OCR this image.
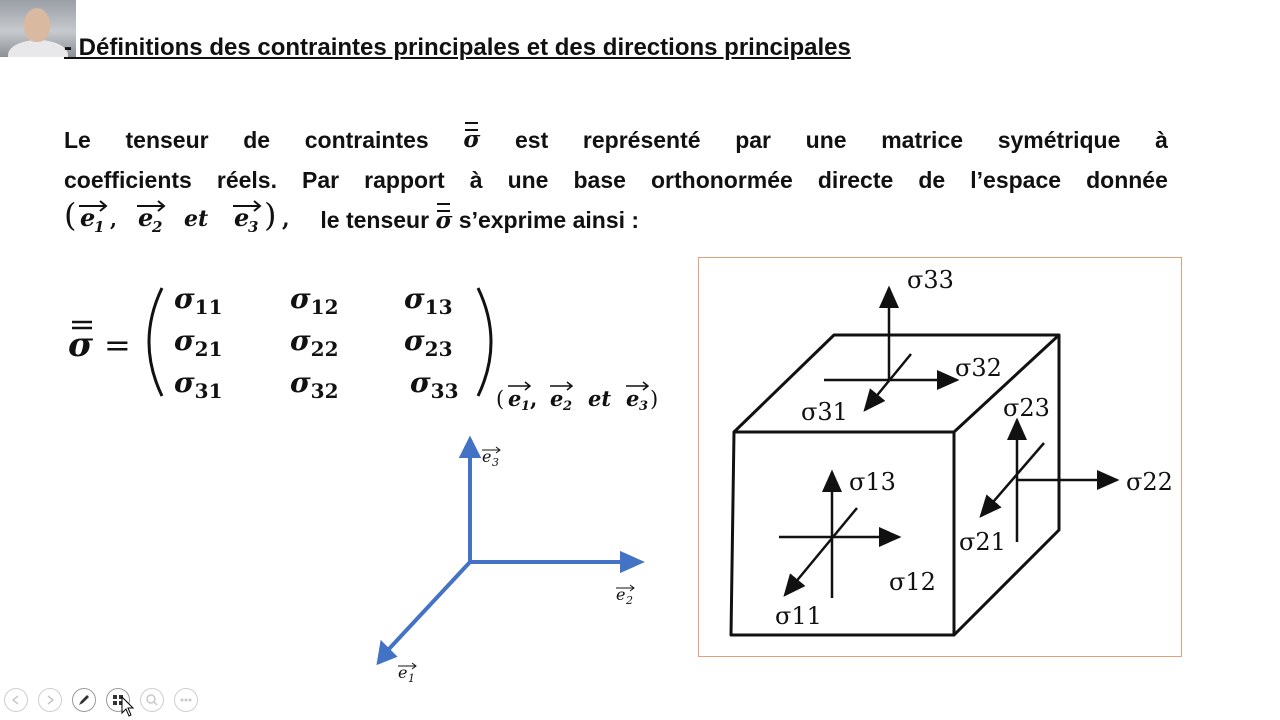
- Définitions des contraintes principales et des directions principales
Le tenseur de contraintes σ est représenté par une matrice symétrique à
coefficients réels. Par rapport à une base orthonormée directe de l’espace donnée
( e
1 , e
2 et e
3 ) , le tenseur σ s’exprime ainsi :
σ =
$\sigma_{11}$ $\sigma_{12}$ $\sigma_{13}$
$\sigma_{21}$ $\sigma_{22}$ $\sigma_{23}$
$\sigma_{31}$ $\sigma_{32}$	$\sigma_{33}$ ( e 1 , e 2 et e 3 )
e 3
e 2
e 1
σ33
σ32
σ31	σ23
σ22
σ21
σ13
σ12
σ11
